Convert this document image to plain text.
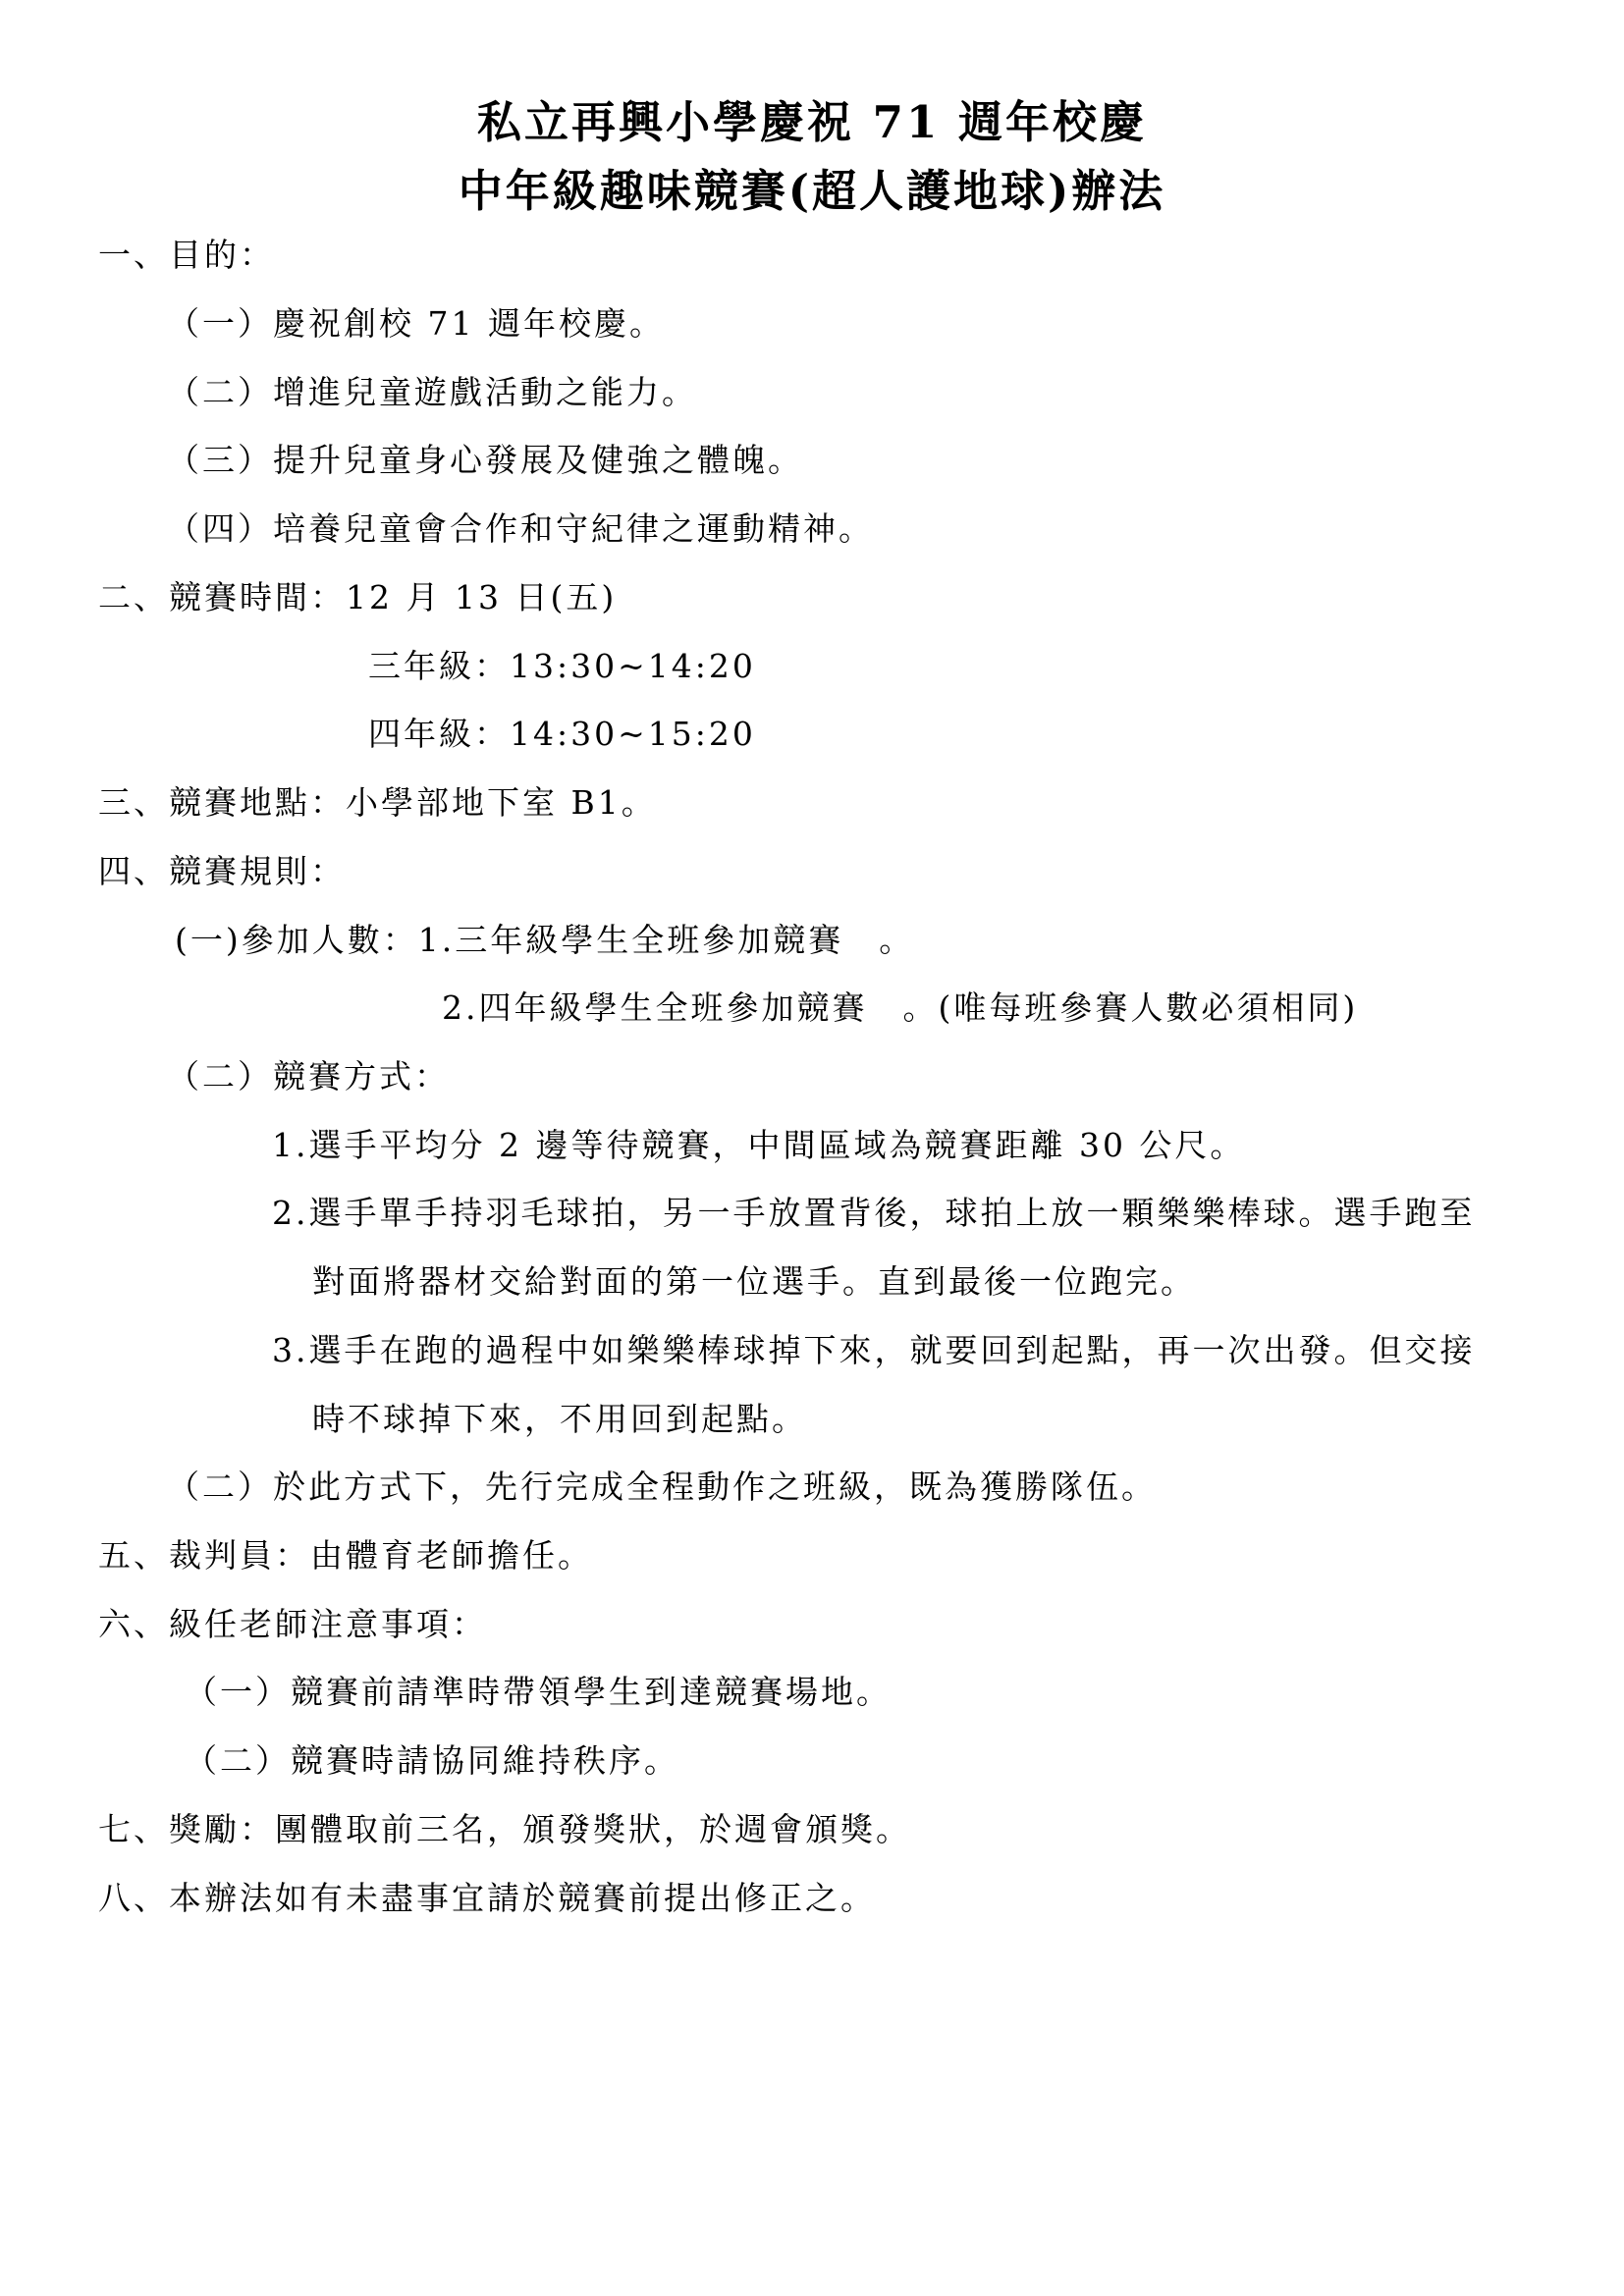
私立再興小學慶祝 71 週年校慶
中年級趣味競賽(超人護地球)辦法
一、目的：
（一）慶祝創校 71 週年校慶。
（二）增進兒童遊戲活動之能力。
（三）提升兒童身心發展及健強之體魄。
（四）培養兒童會合作和守紀律之運動精神。
二、競賽時間：12 月 13 日(五)
三年級：13:30~14:20
四年級：14:30~15:20
三、競賽地點：小學部地下室 B1。
四、競賽規則：
(一)參加人數：1.三年級學生全班參加競賽　。
2.四年級學生全班參加競賽　。(唯每班參賽人數必須相同)
（二）競賽方式：
1.選手平均分 2 邊等待競賽，中間區域為競賽距離 30 公尺。
2.選手單手持羽毛球拍，另一手放置背後，球拍上放一顆樂樂棒球。選手跑至
對面將器材交給對面的第一位選手。直到最後一位跑完。
3.選手在跑的過程中如樂樂棒球掉下來，就要回到起點，再一次出發。但交接
時不球掉下來，不用回到起點。
（二）於此方式下，先行完成全程動作之班級，既為獲勝隊伍。
五、裁判員：由體育老師擔任。
六、級任老師注意事項：
（一）競賽前請準時帶領學生到達競賽場地。
（二）競賽時請協同維持秩序。
七、獎勵：團體取前三名，頒發獎狀，於週會頒獎。
八、本辦法如有未盡事宜請於競賽前提出修正之。
